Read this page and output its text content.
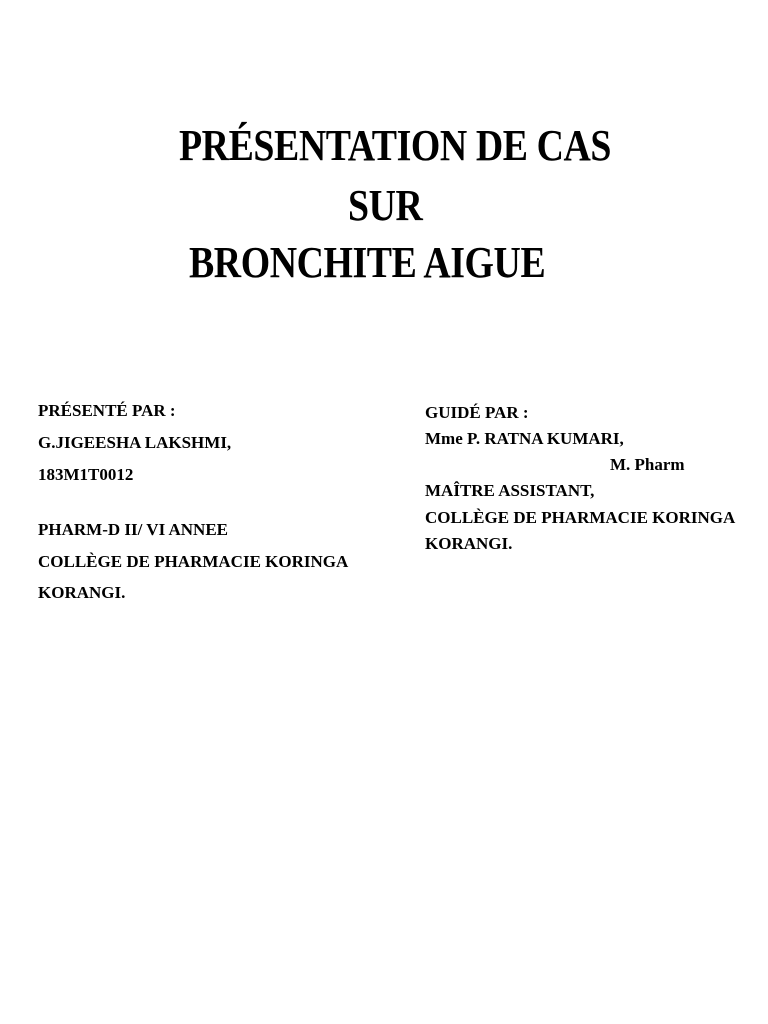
PRÉSENTATION DE CAS
SUR
BRONCHITE AIGUE
PRÉSENTÉ PAR :
G.JIGEESHA LAKSHMI,
183M1T0012
PHARM-D II/ VI ANNEE
COLLÈGE DE PHARMACIE KORINGA
KORANGI.
GUIDÉ PAR :
Mme P. RATNA KUMARI,
M. Pharm
MAÎTRE ASSISTANT,
COLLÈGE DE PHARMACIE KORINGA
KORANGI.
